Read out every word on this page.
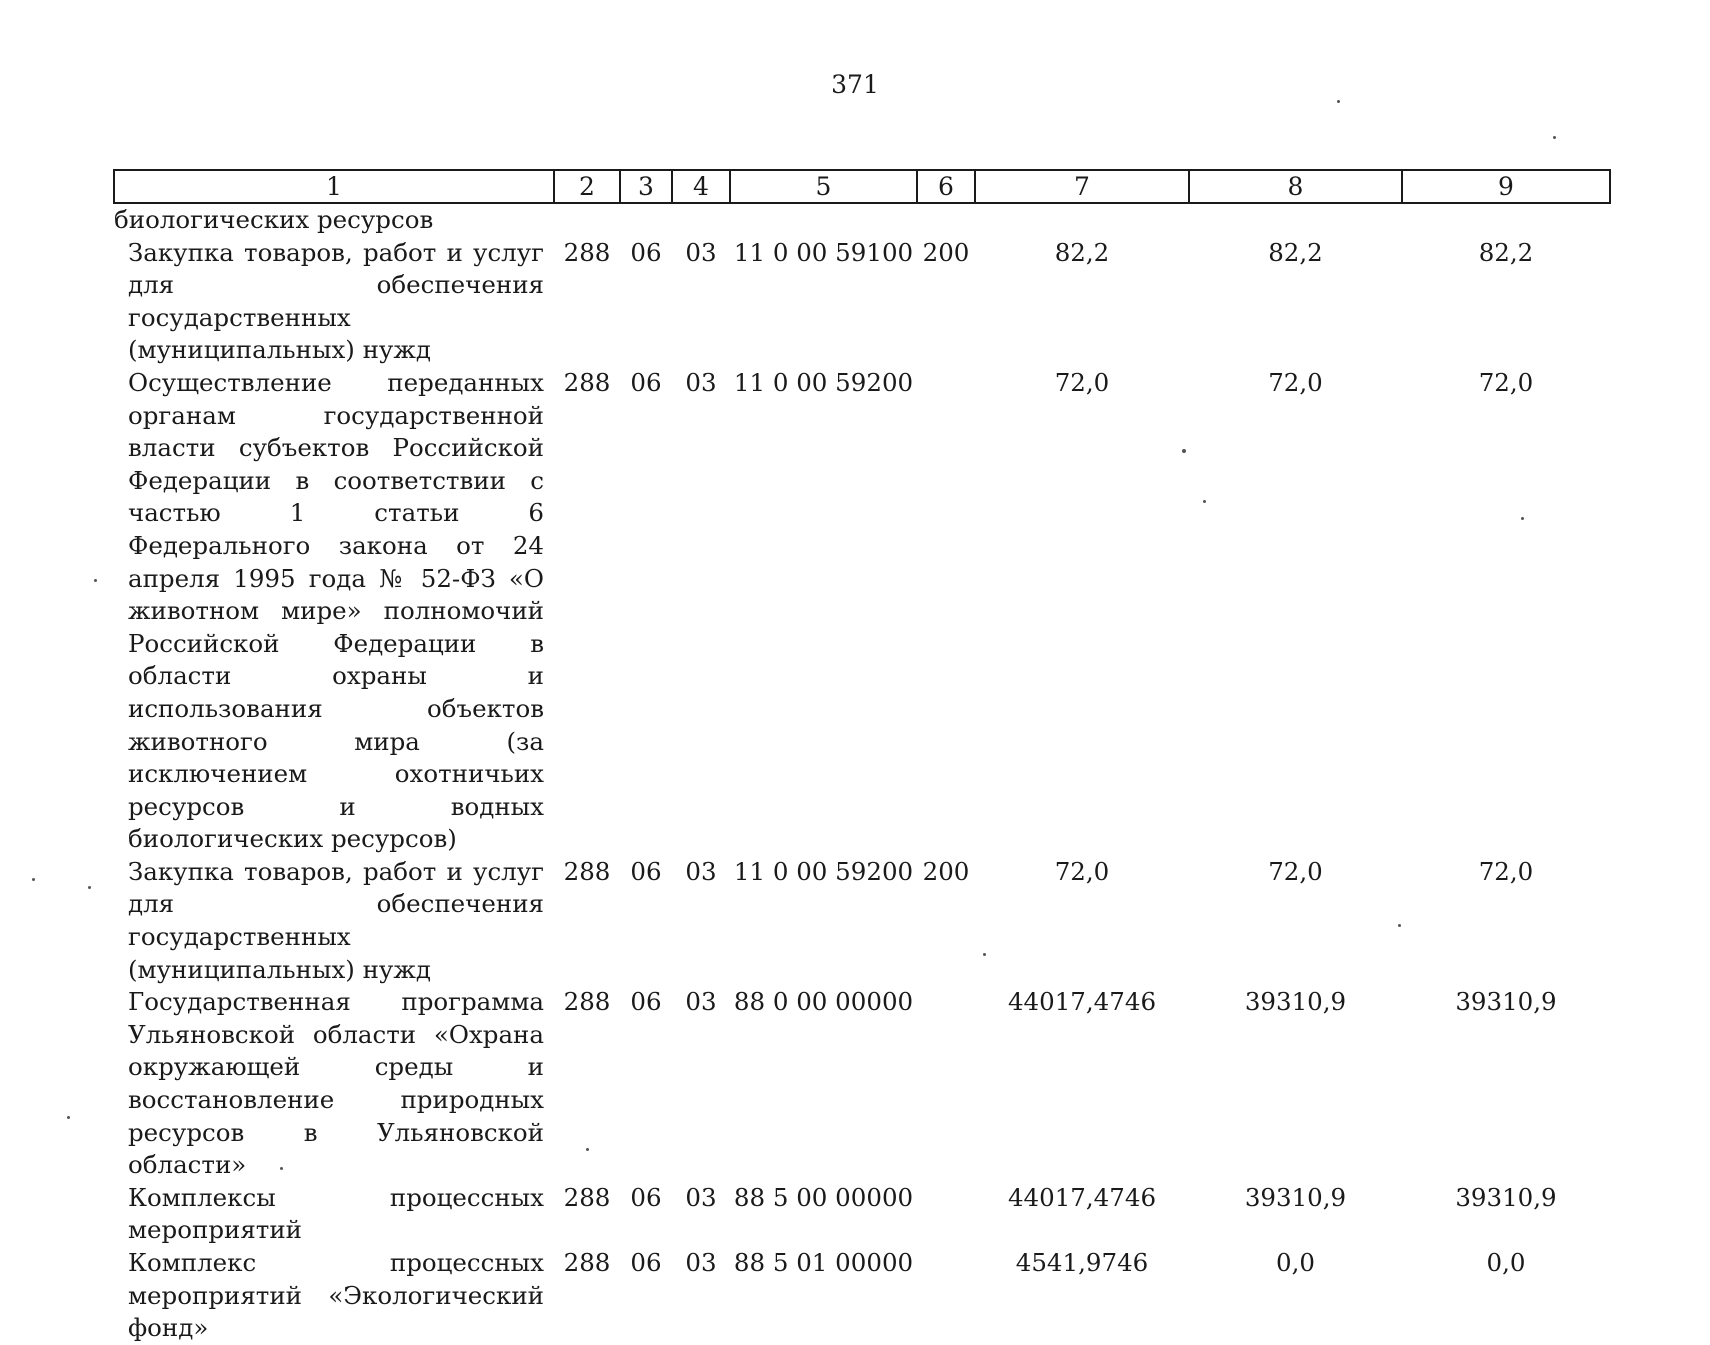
371
1	2	3	4	5	6	7	8	9
биологических ресурсов								
Закупка товаров, работ и услуг для обеспечения государственных (муниципальных) нужд	288	06	03	11 0 00 59100	200	82,2	82,2	82,2
Осуществление переданных органам государственной власти субъектов Российской Федерации в соответствии с частью 1 статьи 6 Федерального закона от 24 апреля 1995 года № 52-ФЗ «О животном мире» полномочий Российской Федерации в области охраны и использования объектов животного мира (за исключением охотничьих ресурсов и водных биологических ресурсов)	288	06	03	11 0 00 59200		72,0	72,0	72,0
Закупка товаров, работ и услуг для обеспечения государственных (муниципальных) нужд	288	06	03	11 0 00 59200	200	72,0	72,0	72,0
Государственная программа Ульяновской области «Охрана окружающей среды и восстановление природных ресурсов в Ульяновской области»	288	06	03	88 0 00 00000		44017,4746	39310,9	39310,9
Комплексы процессных мероприятий	288	06	03	88 5 00 00000		44017,4746	39310,9	39310,9
Комплекс процессных мероприятий «Экологический фонд»	288	06	03	88 5 01 00000		4541,9746	0,0	0,0
